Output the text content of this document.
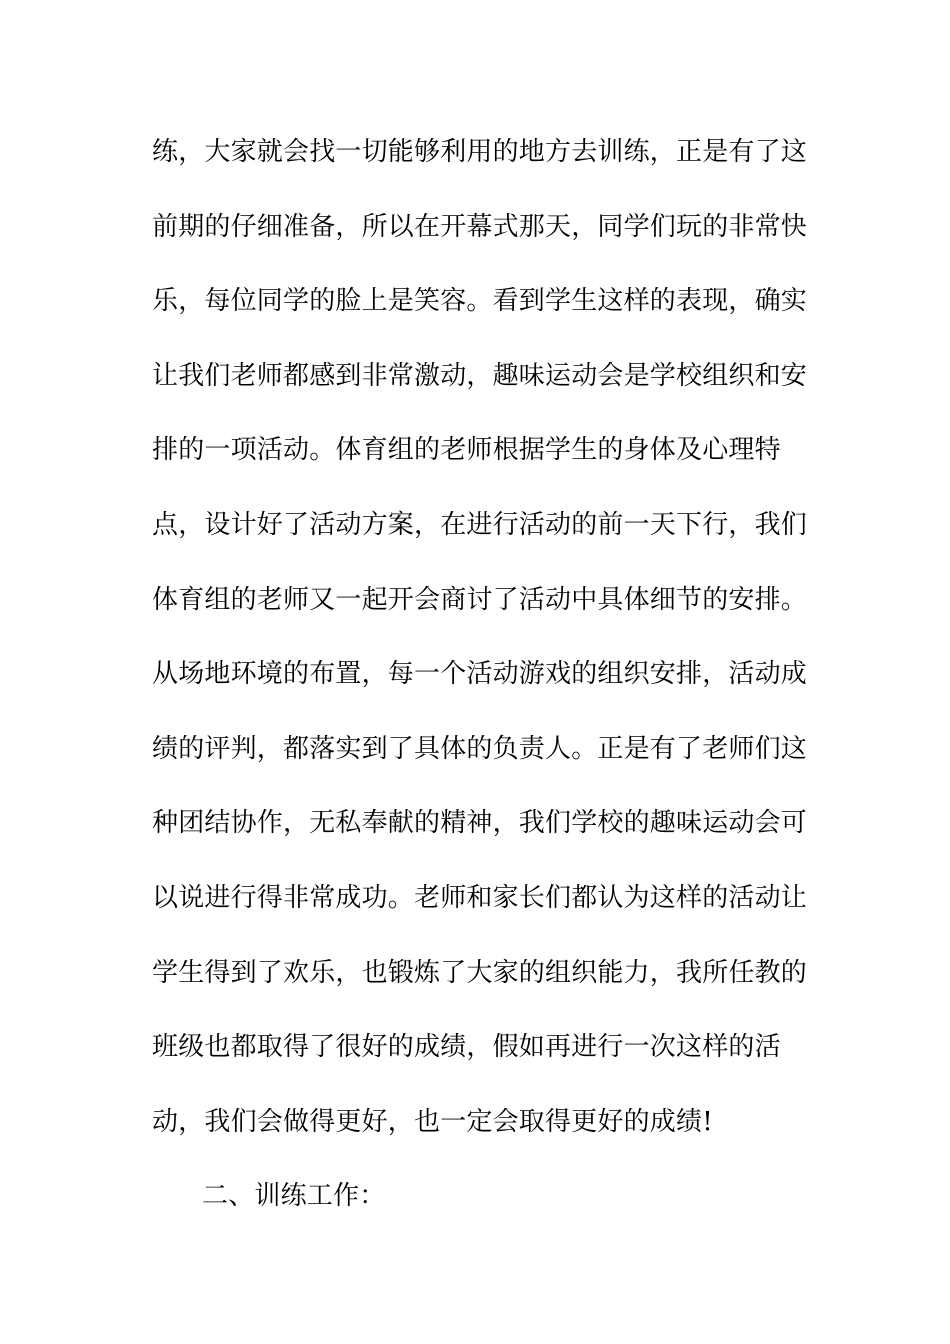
练，大家就会找一切能够利用的地方去训练，正是有了这
前期的仔细准备，所以在开幕式那天，同学们玩的非常快
乐，每位同学的脸上是笑容。看到学生这样的表现，确实
让我们老师都感到非常激动，趣味运动会是学校组织和安
排的一项活动。体育组的老师根据学生的身体及心理特
点，设计好了活动方案，在进行活动的前一天下行，我们
体育组的老师又一起开会商讨了活动中具体细节的安排。
从场地环境的布置，每一个活动游戏的组织安排，活动成
绩的评判，都落实到了具体的负责人。正是有了老师们这
种团结协作，无私奉献的精神，我们学校的趣味运动会可
以说进行得非常成功。老师和家长们都认为这样的活动让
学生得到了欢乐，也锻炼了大家的组织能力，我所任教的
班级也都取得了很好的成绩，假如再进行一次这样的活
动，我们会做得更好，也一定会取得更好的成绩!
二、训练工作：
